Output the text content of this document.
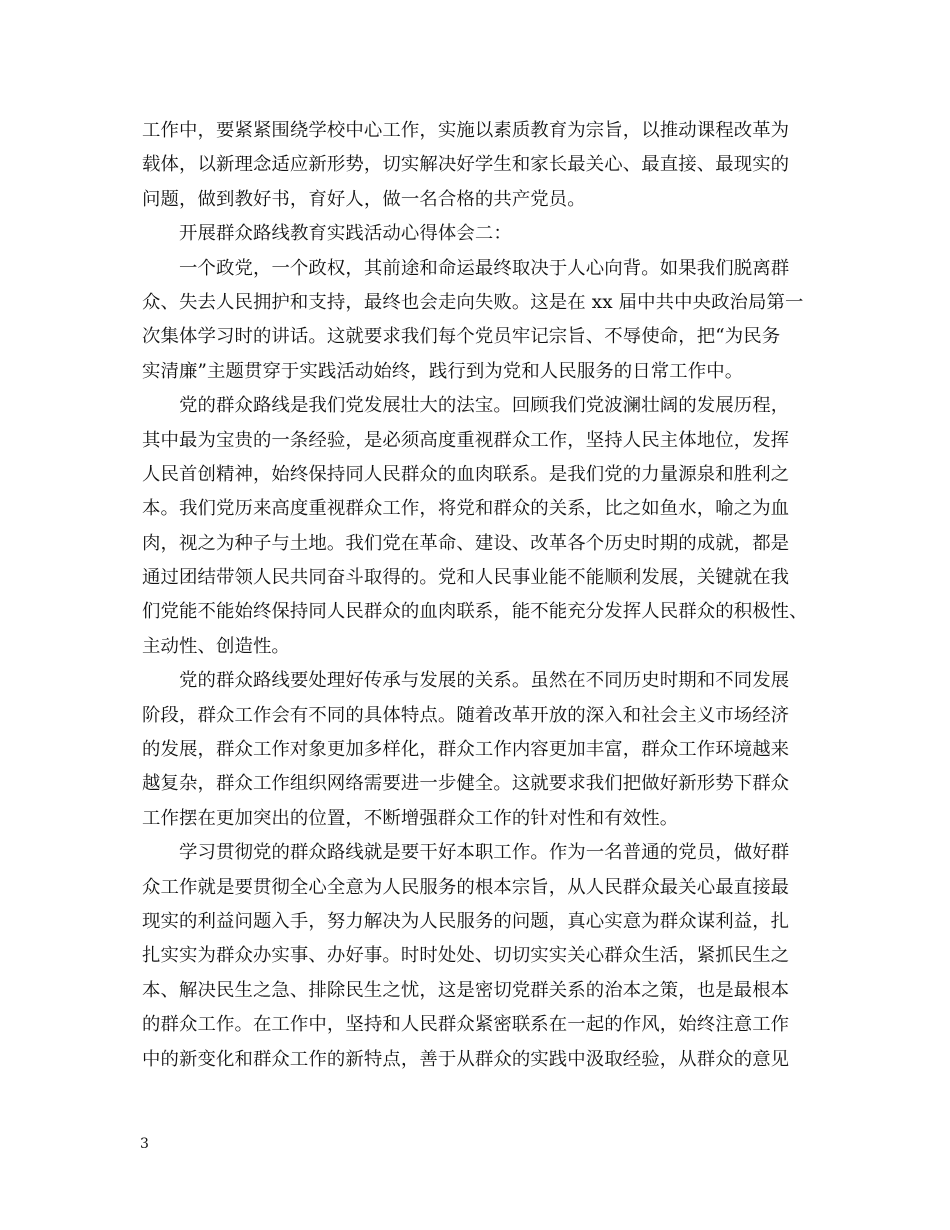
工作中，要紧紧围绕学校中心工作，实施以素质教育为宗旨，以推动课程改革为
载体，以新理念适应新形势，切实解决好学生和家长最关心、最直接、最现实的
问题，做到教好书，育好人，做一名合格的共产党员。
开展群众路线教育实践活动心得体会二：
一个政党，一个政权，其前途和命运最终取决于人心向背。如果我们脱离群
众、失去人民拥护和支持，最终也会走向失败。这是在 xx 届中共中央政治局第一
次集体学习时的讲话。这就要求我们每个党员牢记宗旨、不辱使命，把“为民务
实清廉”主题贯穿于实践活动始终，践行到为党和人民服务的日常工作中。
党的群众路线是我们党发展壮大的法宝。回顾我们党波澜壮阔的发展历程，
其中最为宝贵的一条经验，是必须高度重视群众工作，坚持人民主体地位，发挥
人民首创精神，始终保持同人民群众的血肉联系。是我们党的力量源泉和胜利之
本。我们党历来高度重视群众工作，将党和群众的关系，比之如鱼水，喻之为血
肉，视之为种子与土地。我们党在革命、建设、改革各个历史时期的成就，都是
通过团结带领人民共同奋斗取得的。党和人民事业能不能顺利发展，关键就在我
们党能不能始终保持同人民群众的血肉联系，能不能充分发挥人民群众的积极性、
主动性、创造性。
党的群众路线要处理好传承与发展的关系。虽然在不同历史时期和不同发展
阶段，群众工作会有不同的具体特点。随着改革开放的深入和社会主义市场经济
的发展，群众工作对象更加多样化，群众工作内容更加丰富，群众工作环境越来
越复杂，群众工作组织网络需要进一步健全。这就要求我们把做好新形势下群众
工作摆在更加突出的位置，不断增强群众工作的针对性和有效性。
学习贯彻党的群众路线就是要干好本职工作。作为一名普通的党员，做好群
众工作就是要贯彻全心全意为人民服务的根本宗旨，从人民群众最关心最直接最
现实的利益问题入手，努力解决为人民服务的问题，真心实意为群众谋利益，扎
扎实实为群众办实事、办好事。时时处处、切切实实关心群众生活，紧抓民生之
本、解决民生之急、排除民生之忧，这是密切党群关系的治本之策，也是最根本
的群众工作。在工作中，坚持和人民群众紧密联系在一起的作风，始终注意工作
中的新变化和群众工作的新特点，善于从群众的实践中汲取经验，从群众的意见
3
